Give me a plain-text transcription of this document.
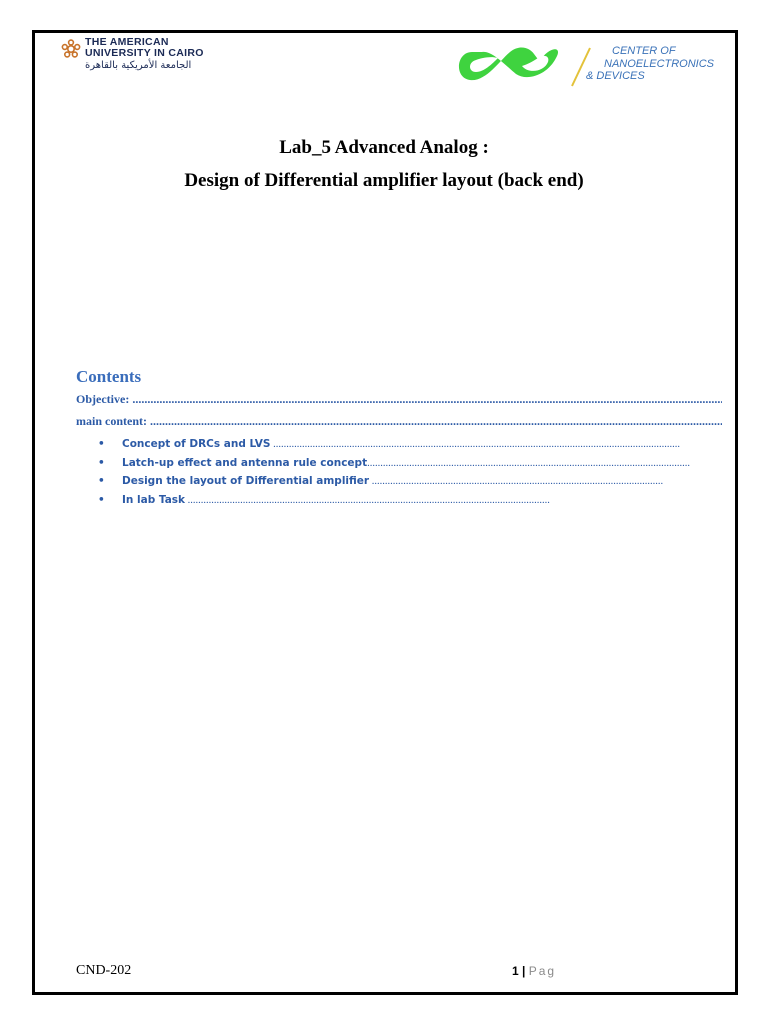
THE AMERICAN
UNIVERSITY IN CAIRO
الجامعة الأمريكية بالقاهرة
CENTER OF
NANOELECTRONICS
& DEVICES
Lab_5 Advanced Analog :
Design of Differential amplifier layout (back end)
Contents
Objective: .....
main content: .....
• Concept of DRCs and LVS ...........................................................................................................................................................
• Latch-up effect and antenna rule concept...........................................................................................................................
• Design the layout of Differential amplifier ...............................................................................................................
• In lab Task ..........................................................................................................................................
CND-202	1 | Pag
